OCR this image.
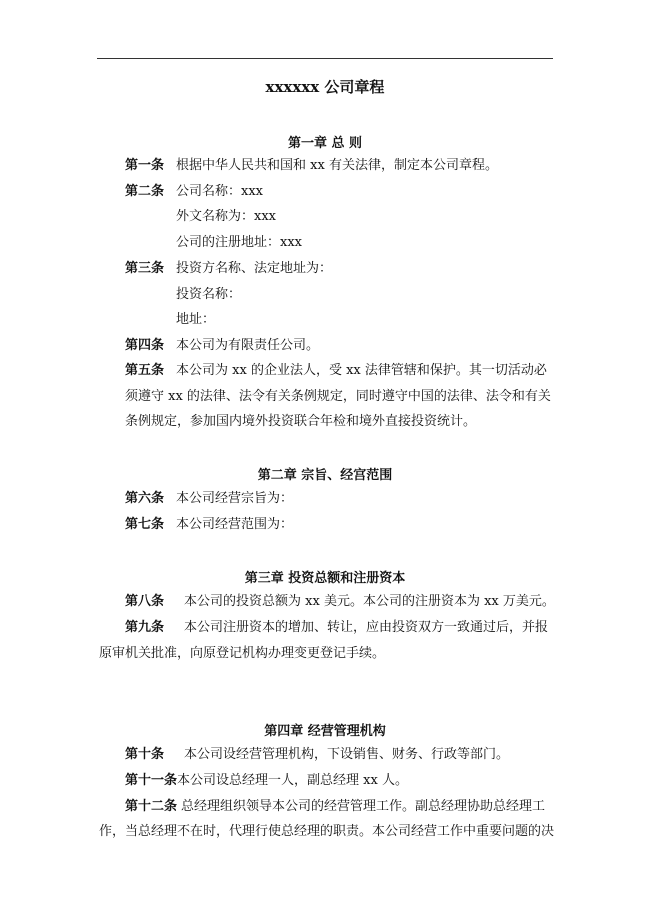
xxxxxx 公司章程
第一章 总 则
第一条 根据中华人民共和国和 xx 有关法律，制定本公司章程。
第二条 公司名称：xxx
外文名称为：xxx
公司的注册地址：xxx
第三条 投资方名称、法定地址为：
投资名称：
地址：
第四条 本公司为有限责任公司。
第五条 本公司为 xx 的企业法人，受 xx 法律管辖和保护。其一切活动必
须遵守 xx 的法律、法令有关条例规定，同时遵守中国的法律、法令和有关
条例规定，参加国内境外投资联合年检和境外直接投资统计。
第二章 宗旨、经宫范围
第六条 本公司经营宗旨为：
第七条 本公司经营范围为：
第三章 投资总额和注册资本
第八条 本公司的投资总额为 xx 美元。本公司的注册资本为 xx 万美元。
第九条 本公司注册资本的增加、转让，应由投资双方一致通过后，并报
原审机关批准，向原登记机构办理变更登记手续。
第四章 经营管理机构
第十条 本公司设经营管理机构，下设销售、财务、行政等部门。
第十一条本公司设总经理一人，副总经理 xx 人。
第十二条 总经理组织领导本公司的经营管理工作。副总经理协助总经理工
作，当总经理不在时，代理行使总经理的职责。本公司经营工作中重要问题的决
